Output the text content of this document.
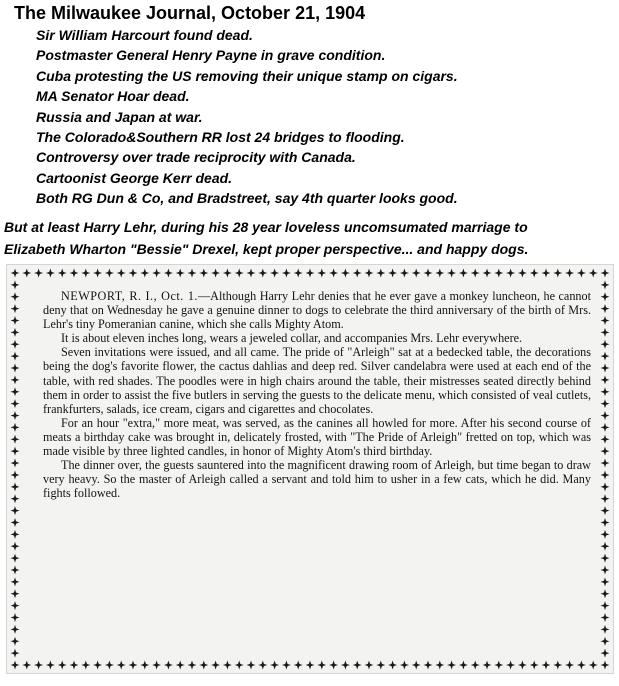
The Milwaukee Journal, October 21, 1904
Sir William Harcourt found dead.
Postmaster General Henry Payne in grave condition.
Cuba protesting the US removing their unique stamp on cigars.
MA Senator Hoar dead.
Russia and Japan at war.
The Colorado&Southern RR lost 24 bridges to flooding.
Controversy over trade reciprocity with Canada.
Cartoonist George Kerr dead.
Both RG Dun & Co, and Bradstreet, say 4th quarter looks good.
But at least Harry Lehr, during his 28 year loveless uncomsumated marriage to
Elizabeth Wharton "Bessie" Drexel, kept proper perspective... and happy dogs.

NEWPORT, R. I., Oct. 1.—Although Harry Lehr denies that he ever gave a monkey luncheon, he cannot deny that on Wednesday he gave a genuine dinner to dogs to celebrate the third anniversary of the birth of Mrs. Lehr's tiny Pomeranian canine, which she calls Mighty Atom.

It is about eleven inches long, wears a jeweled collar, and accompanies Mrs. Lehr everywhere.

Seven invitations were issued, and all came. The pride of "Arleigh" sat at a bedecked table, the decorations being the dog's favorite flower, the cactus dahlias and deep red. Silver candelabra were used at each end of the table, with red shades. The poodles were in high chairs around the table, their mistresses seated directly behind them in order to assist the five butlers in serving the guests to the delicate menu, which consisted of veal cutlets, frankfurters, salads, ice cream, cigars and cigarettes and chocolates.

For an hour "extra," more meat, was served, as the canines all howled for more. After his second course of meats a birthday cake was brought in, delicately frosted, with "The Pride of Arleigh" fretted on top, which was made visible by three lighted candles, in honor of Mighty Atom's third birthday.

The dinner over, the guests sauntered into the magnificent drawing room of Arleigh, but time began to draw very heavy. So the master of Arleigh called a servant and told him to usher in a few cats, which he did. Many fights followed.
